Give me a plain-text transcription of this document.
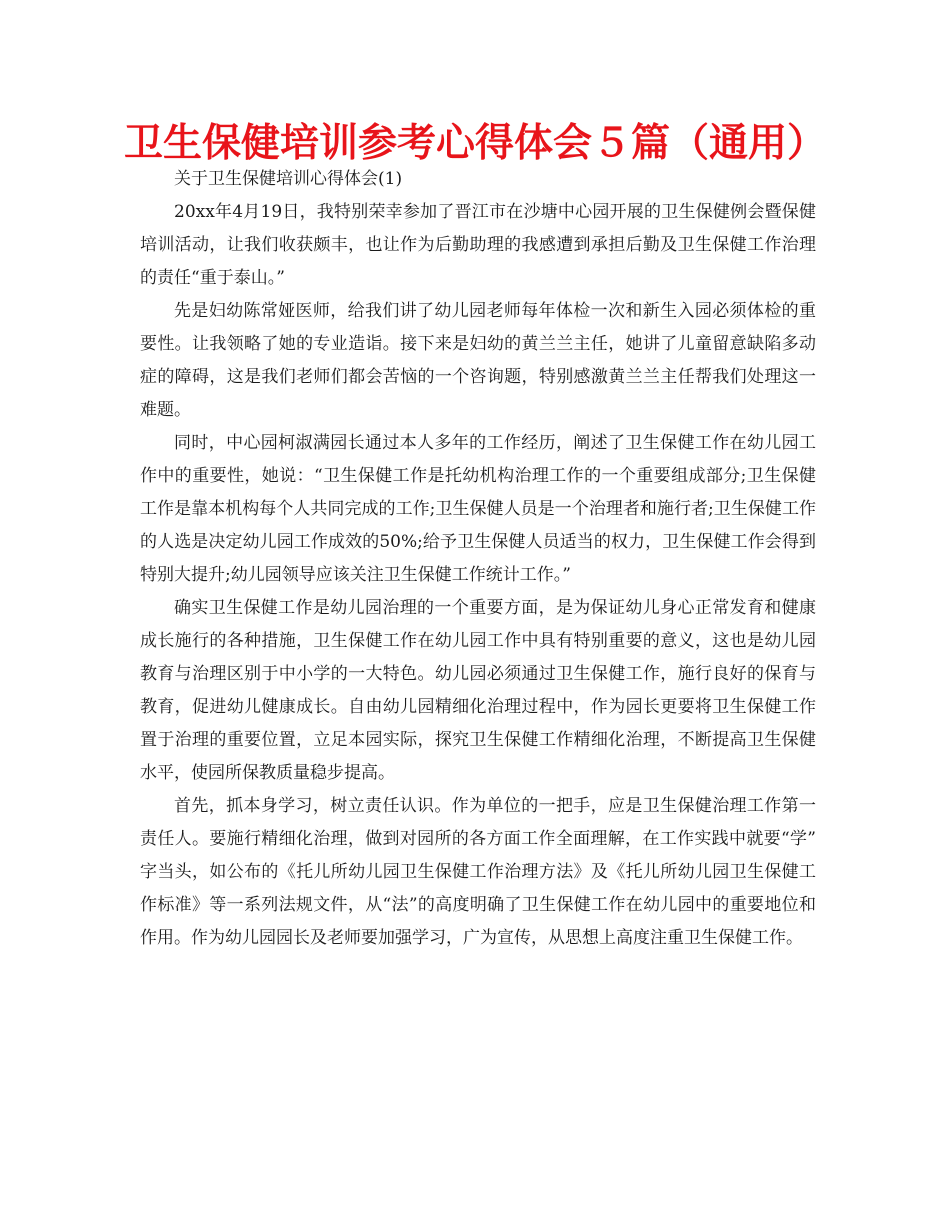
卫生保健培训参考心得体会５篇（通用）

关于卫生保健培训心得体会(1)

20xx年4月19日，我特别荣幸参加了晋江市在沙塘中心园开展的卫生保健例会暨保健培训活动，让我们收获颇丰，也让作为后勤助理的我感遭到承担后勤及卫生保健工作治理的责任“重于泰山。”

先是妇幼陈常娅医师，给我们讲了幼儿园老师每年体检一次和新生入园必须体检的重要性。让我领略了她的专业造诣。接下来是妇幼的黄兰兰主任，她讲了儿童留意缺陷多动症的障碍，这是我们老师们都会苦恼的一个咨询题，特别感激黄兰兰主任帮我们处理这一难题。

同时，中心园柯淑满园长通过本人多年的工作经历，阐述了卫生保健工作在幼儿园工作中的重要性，她说：“卫生保健工作是托幼机构治理工作的一个重要组成部分;卫生保健工作是靠本机构每个人共同完成的工作;卫生保健人员是一个治理者和施行者;卫生保健工作的人选是决定幼儿园工作成效的50%;给予卫生保健人员适当的权力，卫生保健工作会得到特别大提升;幼儿园领导应该关注卫生保健工作统计工作。”

确实卫生保健工作是幼儿园治理的一个重要方面，是为保证幼儿身心正常发育和健康成长施行的各种措施，卫生保健工作在幼儿园工作中具有特别重要的意义，这也是幼儿园教育与治理区别于中小学的一大特色。幼儿园必须通过卫生保健工作，施行良好的保育与教育，促进幼儿健康成长。自由幼儿园精细化治理过程中，作为园长更要将卫生保健工作置于治理的重要位置，立足本园实际，探究卫生保健工作精细化治理，不断提高卫生保健水平，使园所保教质量稳步提高。

首先，抓本身学习，树立责任认识。作为单位的一把手，应是卫生保健治理工作第一责任人。要施行精细化治理，做到对园所的各方面工作全面理解，在工作实践中就要“学”字当头，如公布的《托儿所幼儿园卫生保健工作治理方法》及《托儿所幼儿园卫生保健工作标准》等一系列法规文件，从“法”的高度明确了卫生保健工作在幼儿园中的重要地位和作用。作为幼儿园园长及老师要加强学习，广为宣传，从思想上高度注重卫生保健工作。
